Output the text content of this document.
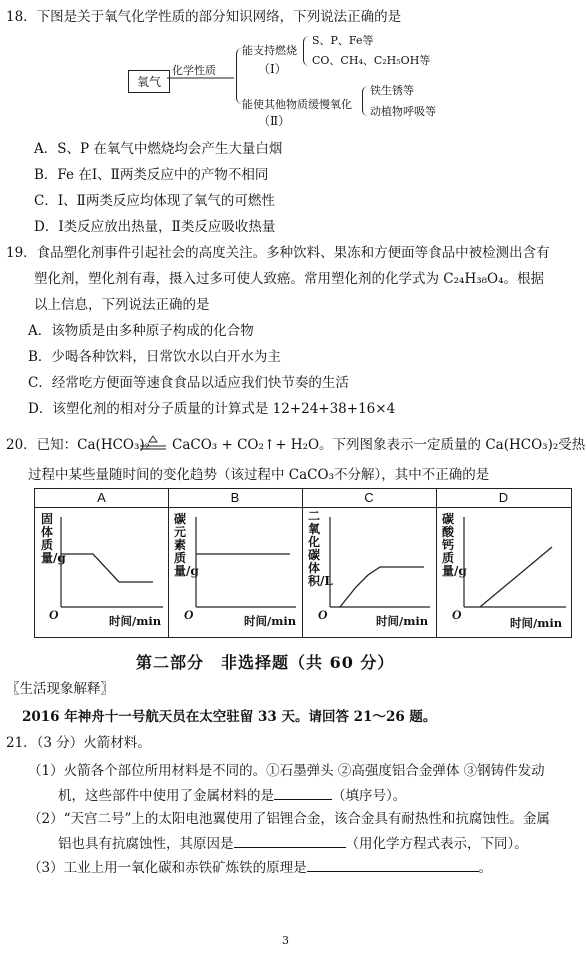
18．下图是关于氧气化学性质的部分知识网络，下列说法正确的是
氧气
化学性质
能支持燃烧
（Ⅰ）
S、P、Fe等
CO、CH₄、C₂H₅OH等
能使其他物质缓慢氧化
（Ⅱ）
铁生锈等
动植物呼吸等
A．S、P 在氧气中燃烧均会产生大量白烟
B．Fe 在Ⅰ、Ⅱ两类反应中的产物不相同
C．Ⅰ、Ⅱ两类反应均体现了氧气的可燃性
D．Ⅰ类反应放出热量，Ⅱ类反应吸收热量
19．食品塑化剂事件引起社会的高度关注。多种饮料、果冻和方便面等食品中被检测出含有
塑化剂，塑化剂有毒，摄入过多可使人致癌。常用塑化剂的化学式为 C₂₄H₃₈O₄。根据
以上信息，下列说法正确的是
A．该物质是由多种原子构成的化合物
B．少喝各种饮料，日常饮水以白开水为主
C．经常吃方便面等速食食品以适应我们快节奏的生活
D．该塑化剂的相对分子质量的计算式是 12+24+38+16×4
20．已知：Ca(HCO₃)₂ CaCO₃ + CO₂↑+ H₂O。下列图象表示一定质量的 Ca(HCO₃)₂受热
过程中某些量随时间的变化趋势（该过程中 CaCO₃不分解），其中不正确的是
A
固体质量/g
O	时间/min
B
碳元素质量/g
O	时间/min
C
二氧化碳体积/L
O	时间/min
D
碳酸钙质量/g
O
时间/min
第二部分　非选择题（共 60 分）
〖生活现象解释〗
2016 年神舟十一号航天员在太空驻留 33 天。请回答 21～26 题。
21．（3 分）火箭材料。
（1）火箭各个部位所用材料是不同的。①石墨弹头 ②高强度铝合金弹体 ③钢铸件发动
机，这些部件中使用了金属材料的是	（填序号）。
（2）“天宫二号”上的太阳电池翼使用了铝锂合金，该合金具有耐热性和抗腐蚀性。金属
铝也具有抗腐蚀性，其原因是	（用化学方程式表示，下同）。
（3）工业上用一氧化碳和赤铁矿炼铁的原理是	。
3
